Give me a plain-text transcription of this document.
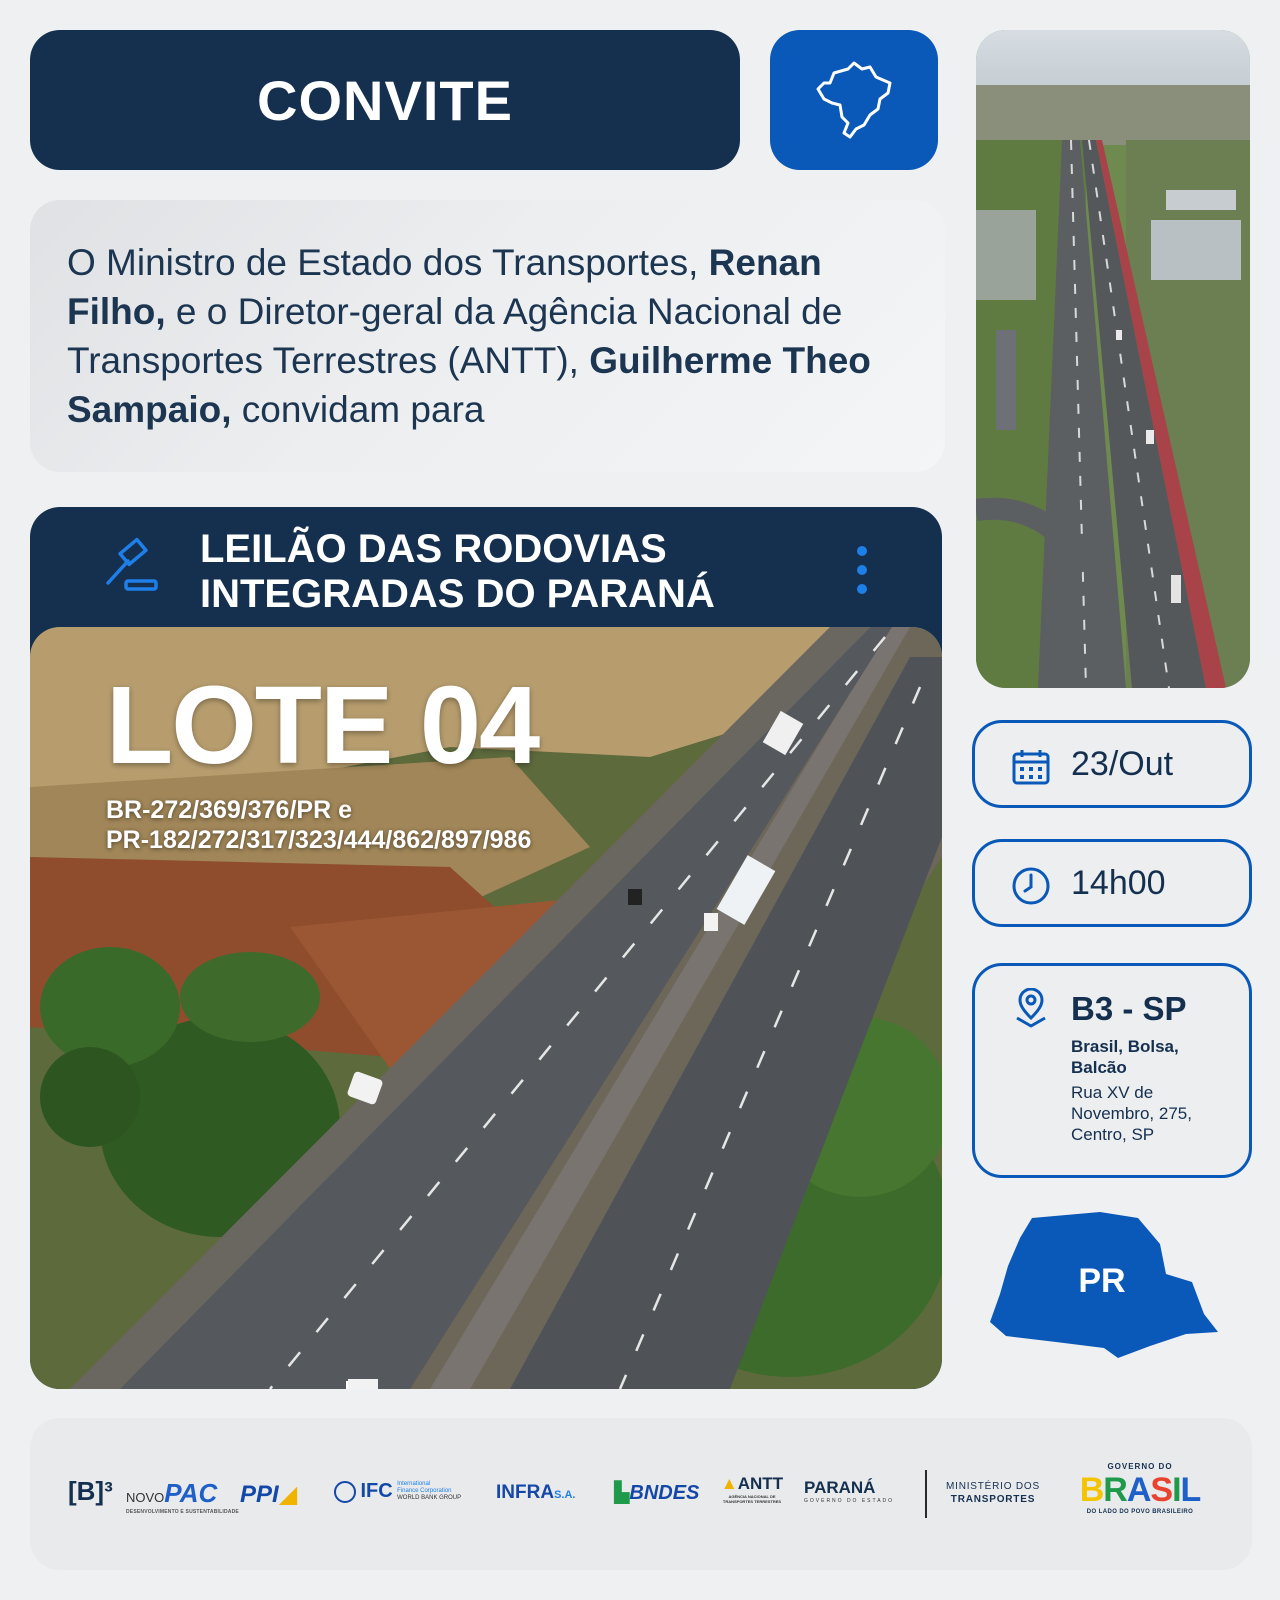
CONVITE

O Ministro de Estado dos Transportes, Renan Filho, e o Diretor-geral da Agência Nacional de Transportes Terrestres (ANTT), Guilherme Theo Sampaio, convidam para

LEILÃO DAS RODOVIAS
INTEGRADAS DO PARANÁ
LOTE 04
BR-272/369/376/PR e
PR-182/272/317/323/444/862/897/986
23/Out
14h00
B3 - SP
Brasil, Bolsa, Balcão
Rua XV de Novembro, 275, Centro, SP
PR
[B]³ NOVOPAC
DESENVOLVIMENTO E SUSTENTABILIDADE
PPI◢	IFC International
Finance Corporation
WORLD BANK GROUP INFRAS.A. ▙BNDES ▲ANTT
AGÊNCIA NACIONAL DE TRANSPORTES TERRESTRES
PARANÁ
GOVERNO DO ESTADO
MINISTÉRIO DOS
TRANSPORTES
GOVERNO DO
BRASIL
DO LADO DO POVO BRASILEIRO
